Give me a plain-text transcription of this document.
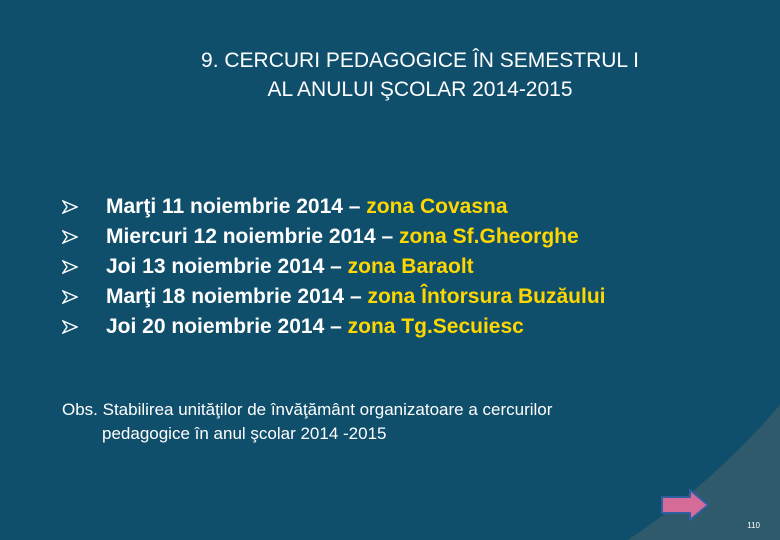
9. CERCURI PEDAGOGICE ÎN SEMESTRUL I
AL ANULUI ŞCOLAR 2014-2015
Marţi 11 noiembrie 2014 – zona Covasna
Miercuri 12 noiembrie 2014 – zona Sf.Gheorghe
Joi 13 noiembrie 2014 – zona Baraolt
Marţi 18 noiembrie 2014 – zona Întorsura Buzăului
Joi 20 noiembrie 2014 – zona Tg.Secuiesc
Obs. Stabilirea unităţilor de învăţământ organizatoare a cercurilor
pedagogice în anul şcolar 2014 -2015
110
